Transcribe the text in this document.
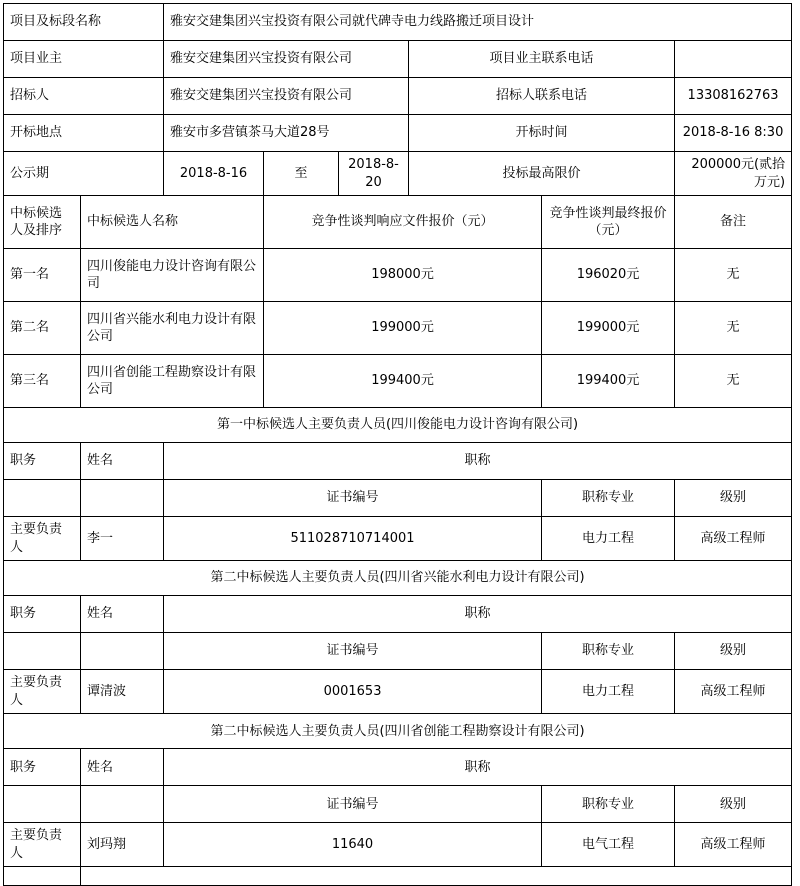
项目及标段名称		雅安交建集团兴宝投资有限公司就代碑寺电力线路搬迁项目设计					
项目业主		雅安交建集团兴宝投资有限公司			项目业主联系电话		
招标人		雅安交建集团兴宝投资有限公司			招标人联系电话		13308162763
开标地点		雅安市多营镇茶马大道28号			开标时间		2018-8-16 8:30
公示期		2018-8-16	至	2018-8-20	投标最高限价		200000元(贰拾万元)
中标候选人及排序	中标候选人名称		竞争性谈判响应文件报价（元）			竞争性谈判最终报价（元）	备注
第一名	四川俊能电力设计咨询有限公司		198000元			196020元	无
第二名	四川省兴能水利电力设计有限公司		199000元			199000元	无
第三名	四川省创能工程勘察设计有限公司		199400元			199400元	无
第一中标候选人主要负责人员(四川俊能电力设计咨询有限公司)							
职务	姓名	职称					
		证书编号				职称专业	级别
主要负责人	李一	511028710714001				电力工程	高级工程师
第二中标候选人主要负责人员(四川省兴能水利电力设计有限公司)							
职务	姓名	职称					
		证书编号				职称专业	级别
主要负责人	谭清波	0001653				电力工程	高级工程师
第二中标候选人主要负责人员(四川省创能工程勘察设计有限公司)							
职务	姓名	职称					
		证书编号				职称专业	级别
主要负责人	刘玛翔	11640				电气工程	高级工程师
